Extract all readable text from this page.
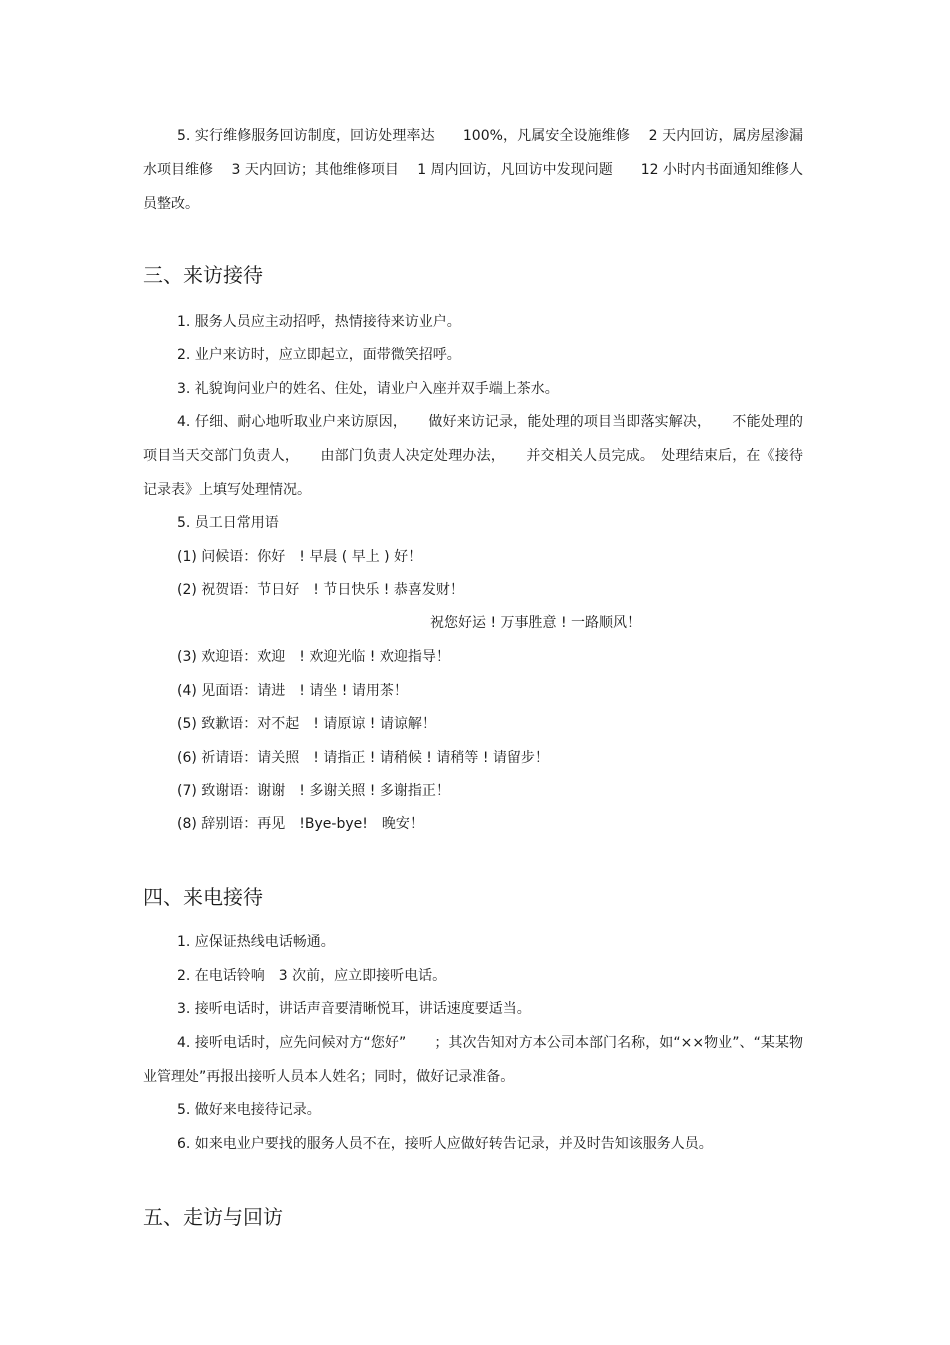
5. 实行维修服务回访制度，回访处理率达　　100%，凡属安全设施维修　 2 天内回访，属房屋渗漏水项目维修　 3 天内回访；其他维修项目　 1 周内回访，凡回访中发现问题　　12 小时内书面通知维修人员整改。
三、来访接待
1. 服务人员应主动招呼，热情接待来访业户。
2. 业户来访时，应立即起立，面带微笑招呼。
3. 礼貌询问业户的姓名、住处，请业户入座并双手端上茶水。
4. 仔细、耐心地听取业户来访原因，　　做好来访记录，能处理的项目当即落实解决，　　不能处理的项目当天交部门负责人，　　由部门负责人决定处理办法，　　并交相关人员完成。　处理结束后，在《接待记录表》上填写处理情况。
5. 员工日常用语
(1) 问候语：你好　! 早晨 ( 早上 ) 好！
(2) 祝贺语：节日好　! 节日快乐 ! 恭喜发财！
祝您好运 ! 万事胜意 ! 一路顺风！
(3) 欢迎语：欢迎　! 欢迎光临 ! 欢迎指导！
(4) 见面语：请进　! 请坐 ! 请用茶！
(5) 致歉语：对不起　! 请原谅 ! 请谅解！
(6) 祈请语：请关照　! 请指正 ! 请稍候 ! 请稍等 ! 请留步！
(7) 致谢语：谢谢　! 多谢关照 ! 多谢指正！
(8) 辞别语：再见　!Bye-bye!　晚安！
四、来电接待
1. 应保证热线电话畅通。
2. 在电话铃响　3 次前，应立即接听电话。
3. 接听电话时，讲话声音要清晰悦耳，讲话速度要适当。
4. 接听电话时，应先问候对方“您好”　　；其次告知对方本公司本部门名称，如“××物业”、“某某物业管理处”再报出接听人员本人姓名；同时，做好记录准备。
5. 做好来电接待记录。
6. 如来电业户要找的服务人员不在，接听人应做好转告记录，并及时告知该服务人员。
五、走访与回访
